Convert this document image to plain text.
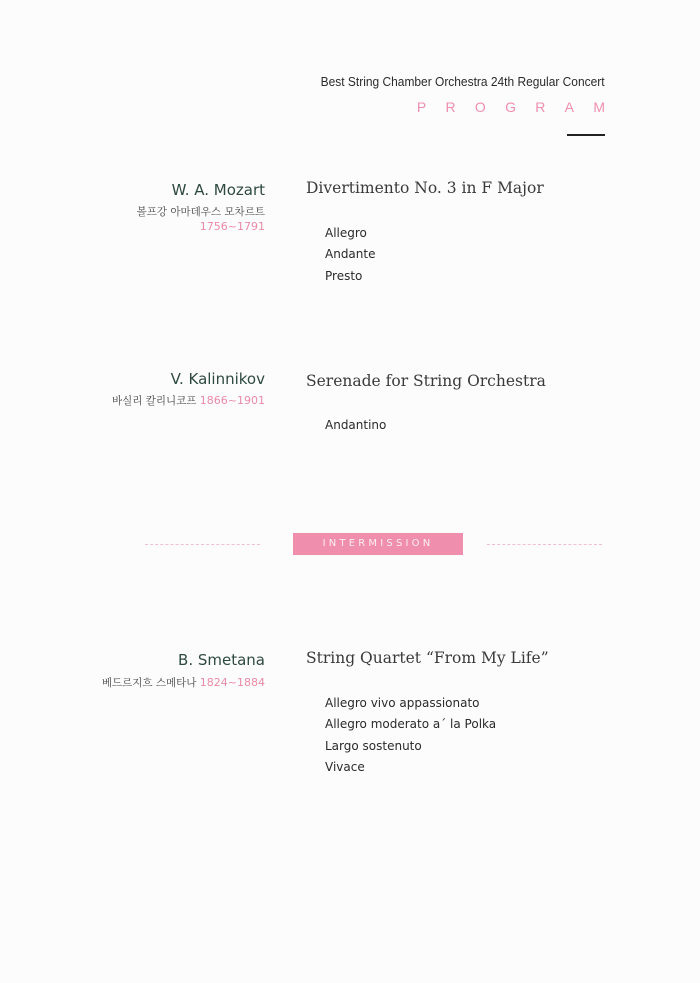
Best String Chamber Orchestra 24th Regular Concert
PROGRAM
W. A. Mozart
볼프강 아마데우스 모차르트
1756~1791
Divertimento No. 3 in F Major
Allegro
Andante
Presto
V. Kalinnikov
바실리 칼리니코프 1866~1901
Serenade for String Orchestra
Andantino
INTERMISSION
B. Smetana
베드르지흐 스메타나 1824~1884
String Quartet “From My Life”
Allegro vivo appassionato
Allegro moderato a´ la Polka
Largo sostenuto
Vivace
